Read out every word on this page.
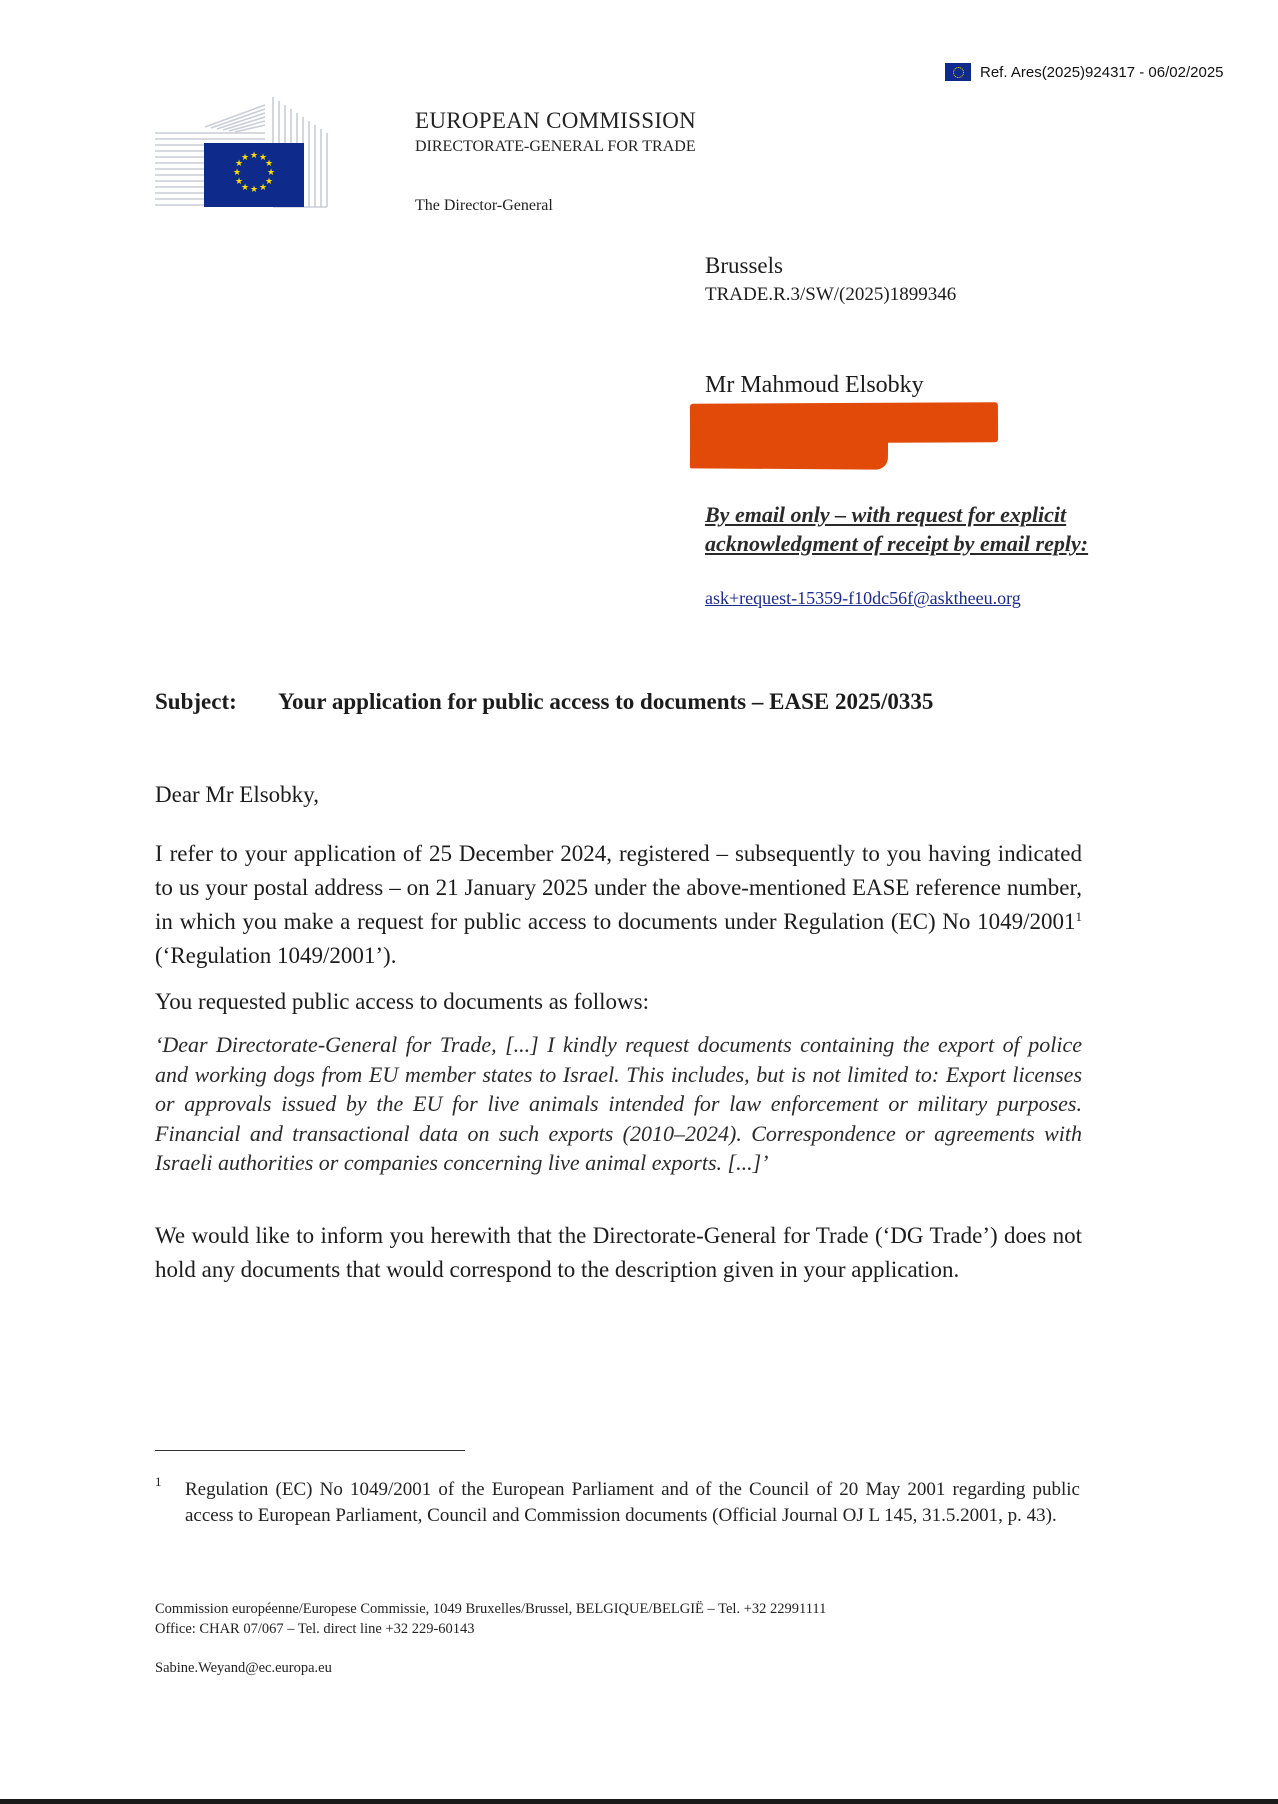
Ref. Ares(2025)924317 - 06/02/2025
★ ★
★
★
★
★
★
★
★
★
★
★
EUROPEAN COMMISSION
DIRECTORATE-GENERAL FOR TRADE
The Director-General
Brussels
TRADE.R.3/SW/(2025)1899346
Mr Mahmoud Elsobky
By email only – with request for explicit acknowledgment of receipt by email reply:
ask+request-15359-f10dc56f@asktheeu.org
Subject: Your application for public access to documents – EASE 2025/0335
Dear Mr Elsobky,
I refer to your application of 25 December 2024, registered – subsequently to you having indicated to us your postal address – on 21 January 2025 under the above-mentioned EASE reference number, in which you make a request for public access to documents under Regulation (EC) No 1049/2001$^1$ (‘Regulation 1049/2001’).
You requested public access to documents as follows:
‘Dear Directorate-General for Trade, [...] I kindly request documents containing the export of police and working dogs from EU member states to Israel. This includes, but is not limited to: Export licenses or approvals issued by the EU for live animals intended for law enforcement or military purposes. Financial and transactional data on such exports (2010–2024). Correspondence or agreements with Israeli authorities or companies concerning live animal exports. [...]’
We would like to inform you herewith that the Directorate-General for Trade (‘DG Trade’) does not hold any documents that would correspond to the description given in your application.
1 Regulation (EC) No 1049/2001 of the European Parliament and of the Council of 20 May 2001 regarding public access to European Parliament, Council and Commission documents (Official Journal OJ L 145, 31.5.2001, p. 43).
Commission européenne/Europese Commissie, 1049 Bruxelles/Brussel, BELGIQUE/BELGIË – Tel. +32 22991111
Office: CHAR 07/067 – Tel. direct line +32 229-60143
Sabine.Weyand@ec.europa.eu
